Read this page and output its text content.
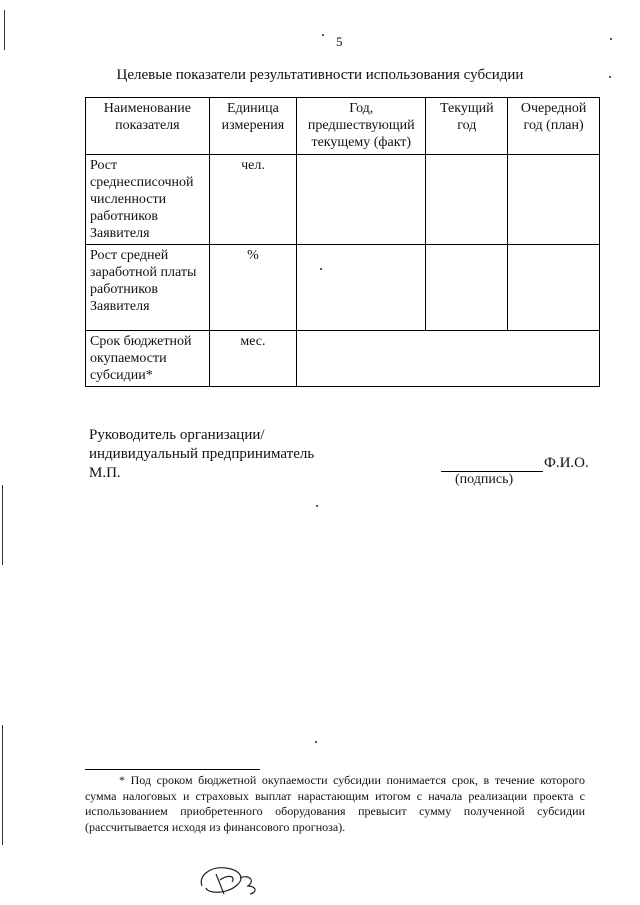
5
Целевые показатели результативности использования субсидии
Наименование показателя	Единица измерения	Год, предшествующий текущему (факт)	Текущий год	Очередной год (план)
Рост среднесписочной численности работников Заявителя	чел.			
Рост средней заработной платы работников Заявителя	%			
Срок бюджетной окупаемости субсидии*	мес.			
Руководитель организации/
индивидуальный предприниматель
М.П.
Ф.И.О.
(подпись)
* Под сроком бюджетной окупаемости субсидии понимается срок, в течение которого сумма налоговых и страховых выплат нарастающим итогом с начала реализации проекта с использованием приобретенного оборудования превысит сумму полученной субсидии (рассчитывается исходя из финансового прогноза).
